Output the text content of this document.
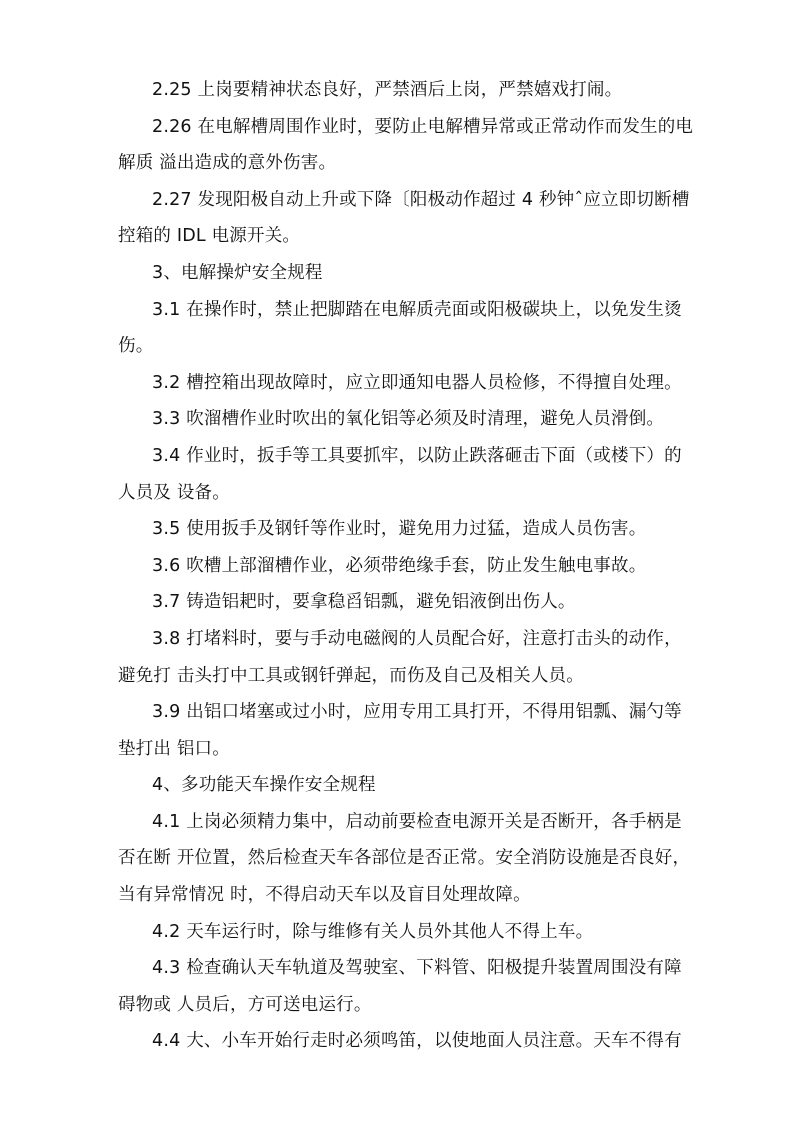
2.25 上岗要精神状态良好，严禁酒后上岗，严禁嬉戏打闹。
2.26 在电解槽周围作业时，要防止电解槽异常或正常动作而发生的电
解质 溢出造成的意外伤害。
2.27 发现阳极自动上升或下降〔阳极动作超过 4 秒钟ˆ应立即切断槽
控箱的 IDL 电源开关。
3、电解操炉安全规程
3.1 在操作时，禁止把脚踏在电解质壳面或阳极碳块上，以免发生烫
伤。
3.2 槽控箱出现故障时，应立即通知电器人员检修，不得擅自处理。
3.3 吹溜槽作业时吹出的氧化铝等必须及时清理，避免人员滑倒。
3.4 作业时，扳手等工具要抓牢，以防止跌落砸击下面（或楼下）的
人员及 设备。
3.5 使用扳手及钢钎等作业时，避免用力过猛，造成人员伤害。
3.6 吹槽上部溜槽作业，必须带绝缘手套，防止发生触电事故。
3.7 铸造铝耙时，要拿稳舀铝瓢，避免铝液倒出伤人。
3.8 打堵料时，要与手动电磁阀的人员配合好，注意打击头的动作，
避免打 击头打中工具或钢钎弹起，而伤及自己及相关人员。
3.9 出铝口堵塞或过小时，应用专用工具打开，不得用铝瓢、漏勺等
垫打出 铝口。
4、多功能天车操作安全规程
4.1 上岗必须精力集中，启动前要检查电源开关是否断开，各手柄是
否在断 开位置，然后检查天车各部位是否正常。安全消防设施是否良好，
当有异常情况 时，不得启动天车以及盲目处理故障。
4.2 天车运行时，除与维修有关人员外其他人不得上车。
4.3 检查确认天车轨道及驾驶室、下料管、阳极提升装置周围没有障
碍物或 人员后，方可送电运行。
4.4 大、小车开始行走时必须鸣笛，以使地面人员注意。天车不得有
